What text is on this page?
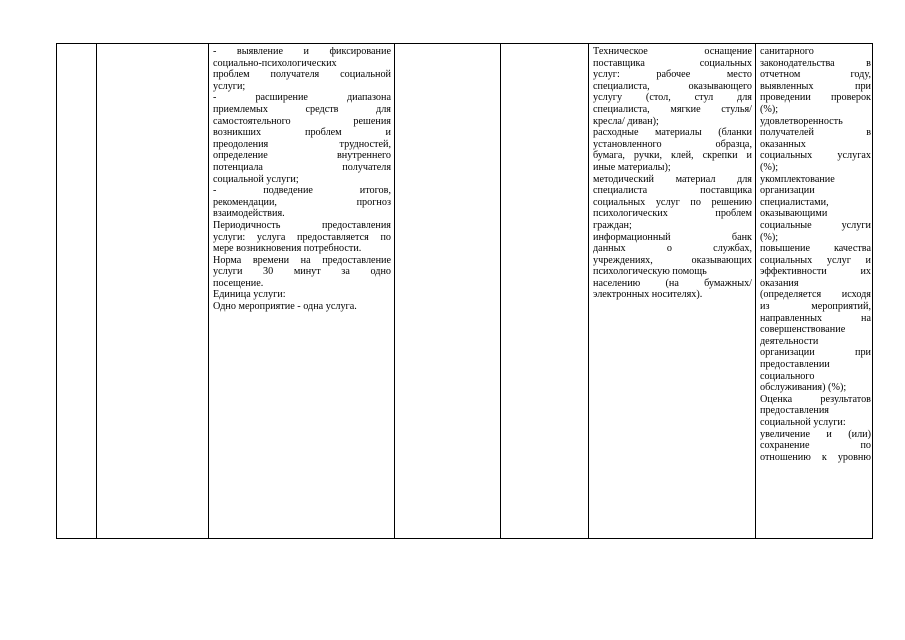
- выявление и фиксирование
социально-психологических
проблем получателя социальной
услуги;
- расширение диапазона
приемлемых средств для
самостоятельного решения
возникших проблем и
преодоления трудностей,
определение внутреннего
потенциала получателя
социальной услуги;
- подведение итогов,
рекомендации, прогноз
взаимодействия.
Периодичность предоставления
услуги: услуга предоставляется по
мере возникновения потребности.
Норма времени на предоставление
услуги 30 минут за одно
посещение.
Единица услуги:
Одно мероприятие - одна услуга.
Техническое оснащение
поставщика социальных
услуг: рабочее место
специалиста, оказывающего
услугу (стол, стул для
специалиста, мягкие стулья/
кресла/ диван);
расходные материалы (бланки
установленного образца,
бумага, ручки, клей, скрепки и
иные материалы);
методический материал для
специалиста поставщика
социальных услуг по решению
психологических проблем
граждан;
информационный банк
данных о службах,
учреждениях, оказывающих
психологическую помощь
населению (на бумажных/
электронных носителях).
санитарного
законодательства в
отчетном году,
выявленных при
проведении проверок
(%);
удовлетворенность
получателей в
оказанных
социальных услугах
(%);
укомплектование
организации
специалистами,
оказывающими
социальные услуги
(%);
повышение качества
социальных услуг и
эффективности их
оказания
(определяется исходя
из мероприятий,
направленных на
совершенствование
деятельности
организации при
предоставлении
социального
обслуживания) (%);
Оценка результатов
предоставления
социальной услуги:
увеличение и (или)
сохранение по
отношению к уровню
